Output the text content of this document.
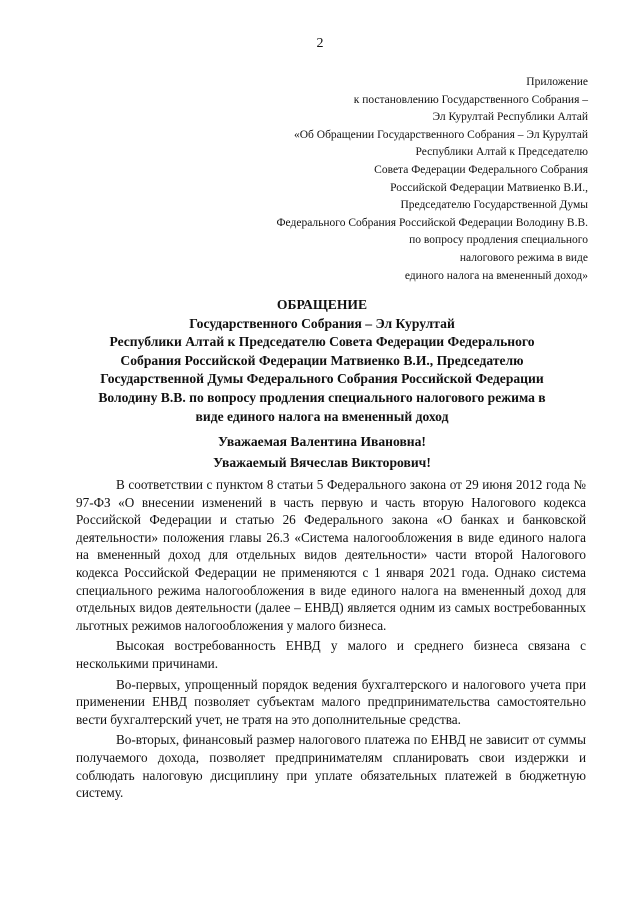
2
Приложение
к постановлению Государственного Собрания –
Эл Курултай Республики Алтай
«Об Обращении Государственного Собрания – Эл Курултай
Республики Алтай к Председателю
Совета Федерации Федерального Собрания
Российской Федерации Матвиенко В.И.,
Председателю Государственной Думы
Федерального Собрания Российской Федерации Володину В.В.
по вопросу продления специального
налогового режима в виде
единого налога на вмененный доход»
ОБРАЩЕНИЕ
Государственного Собрания – Эл Курултай
Республики Алтай к Председателю Совета Федерации Федерального
Собрания Российской Федерации Матвиенко В.И., Председателю
Государственной Думы Федерального Собрания Российской Федерации
Володину В.В. по вопросу продления специального налогового режима в
виде единого налога на вмененный доход
Уважаемая Валентина Ивановна!
Уважаемый Вячеслав Викторович!

В соответствии с пунктом 8 статьи 5 Федерального закона от 29 июня 2012 года № 97-ФЗ «О внесении изменений в часть первую и часть вторую Налогового кодекса Российской Федерации и статью 26 Федерального закона «О банках и банковской деятельности» положения главы 26.3 «Система налогообложения в виде единого налога на вмененный доход для отдельных видов деятельности» части второй Налогового кодекса Российской Федерации не применяются с 1 января 2021 года. Однако система специального режима налогообложения в виде единого налога на вмененный доход для отдельных видов деятельности (далее – ЕНВД) является одним из самых востребованных льготных режимов налогообложения у малого бизнеса.

Высокая востребованность ЕНВД у малого и среднего бизнеса связана с несколькими причинами.

Во-первых, упрощенный порядок ведения бухгалтерского и налогового учета при применении ЕНВД позволяет субъектам малого предпринимательства самостоятельно вести бухгалтерский учет, не тратя на это дополнительные средства.

Во-вторых, финансовый размер налогового платежа по ЕНВД не зависит от суммы получаемого дохода, позволяет предпринимателям спланировать свои издержки и соблюдать налоговую дисциплину при уплате обязательных платежей в бюджетную систему.
